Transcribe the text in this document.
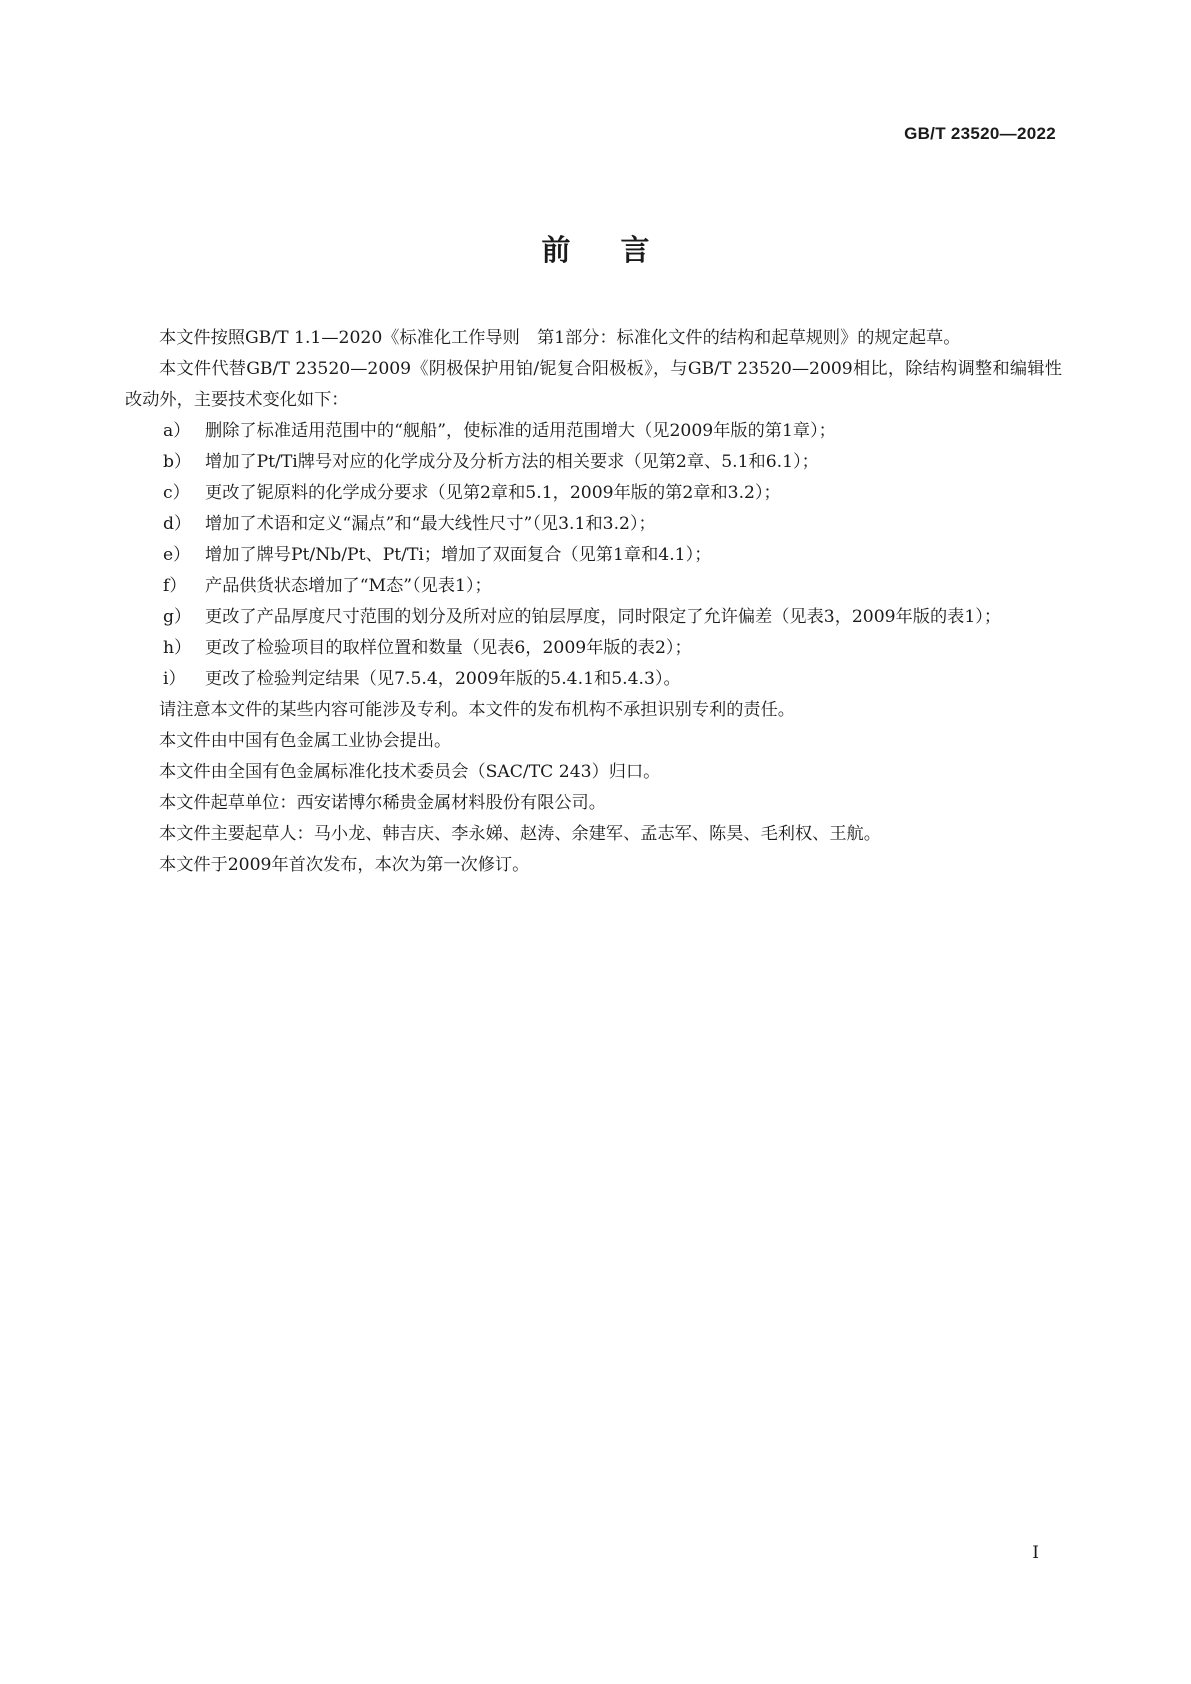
GB/T 23520—2022
前言

本文件按照GB/T 1.1—2020《标准化工作导则　第1部分：标准化文件的结构和起草规则》的规定起草。

本文件代替GB/T 23520—2009《阴极保护用铂/铌复合阳极板》，与GB/T 23520—2009相比，除结构调整和编辑性改动外，主要技术变化如下：

a） 删除了标准适用范围中的“舰船”，使标准的适用范围增大（见2009年版的第1章）；

b） 增加了Pt/Ti牌号对应的化学成分及分析方法的相关要求（见第2章、5.1和6.1）；

c） 更改了铌原料的化学成分要求（见第2章和5.1，2009年版的第2章和3.2）；

d） 增加了术语和定义“漏点”和“最大线性尺寸”（见3.1和3.2）；

e） 增加了牌号Pt/Nb/Pt、Pt/Ti；增加了双面复合（见第1章和4.1）；

f） 产品供货状态增加了“M态”（见表1）；

g） 更改了产品厚度尺寸范围的划分及所对应的铂层厚度，同时限定了允许偏差（见表3，2009年版的表1）；

h） 更改了检验项目的取样位置和数量（见表6，2009年版的表2）；

i） 更改了检验判定结果（见7.5.4，2009年版的5.4.1和5.4.3）。

请注意本文件的某些内容可能涉及专利。本文件的发布机构不承担识别专利的责任。

本文件由中国有色金属工业协会提出。

本文件由全国有色金属标准化技术委员会（SAC/TC 243）归口。

本文件起草单位：西安诺博尔稀贵金属材料股份有限公司。

本文件主要起草人：马小龙、韩吉庆、李永娣、赵涛、余建军、孟志军、陈昊、毛利权、王航。

本文件于2009年首次发布，本次为第一次修订。

I
